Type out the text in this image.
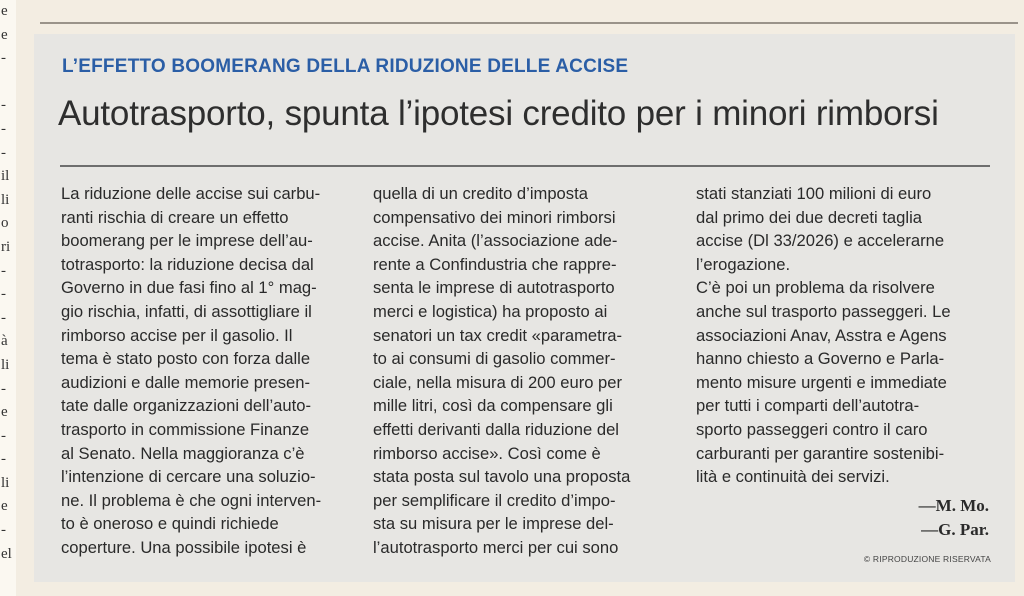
e
e
-
-
-
-
il
li
o
ri
-
-
-
à
li
-
e
-
-
li
e
-
el
L’EFFETTO BOOMERANG DELLA RIDUZIONE DELLE ACCISE
Autotrasporto, spunta l’ipotesi credito per i minori rimborsi
La riduzione delle accise sui carbu-
ranti rischia di creare un effetto
boomerang per le imprese dell’au-
totrasporto: la riduzione decisa dal
Governo in due fasi fino al 1° mag-
gio rischia, infatti, di assottigliare il
rimborso accise per il gasolio. Il
tema è stato posto con forza dalle
audizioni e dalle memorie presen-
tate dalle organizzazioni dell’auto-
trasporto in commissione Finanze
al Senato. Nella maggioranza c’è
l’intenzione di cercare una soluzio-
ne. Il problema è che ogni interven-
to è oneroso e quindi richiede
coperture. Una possibile ipotesi è
quella di un credito d’imposta
compensativo dei minori rimborsi
accise. Anita (l’associazione ade-
rente a Confindustria che rappre-
senta le imprese di autotrasporto
merci e logistica) ha proposto ai
senatori un tax credit «parametra-
to ai consumi di gasolio commer-
ciale, nella misura di 200 euro per
mille litri, così da compensare gli
effetti derivanti dalla riduzione del
rimborso accise». Così come è
stata posta sul tavolo una proposta
per semplificare il credito d’impo-
sta su misura per le imprese del-
l’autotrasporto merci per cui sono
stati stanziati 100 milioni di euro
dal primo dei due decreti taglia
accise (Dl 33/2026) e accelerarne
l’erogazione.
C’è poi un problema da risolvere
anche sul trasporto passeggeri. Le
associazioni Anav, Asstra e Agens
hanno chiesto a Governo e Parla-
mento misure urgenti e immediate
per tutti i comparti dell’autotra-
sporto passeggeri contro il caro
carburanti per garantire sostenibi-
lità e continuità dei servizi.
—M. Mo.
—G. Par.
© RIPRODUZIONE RISERVATA
